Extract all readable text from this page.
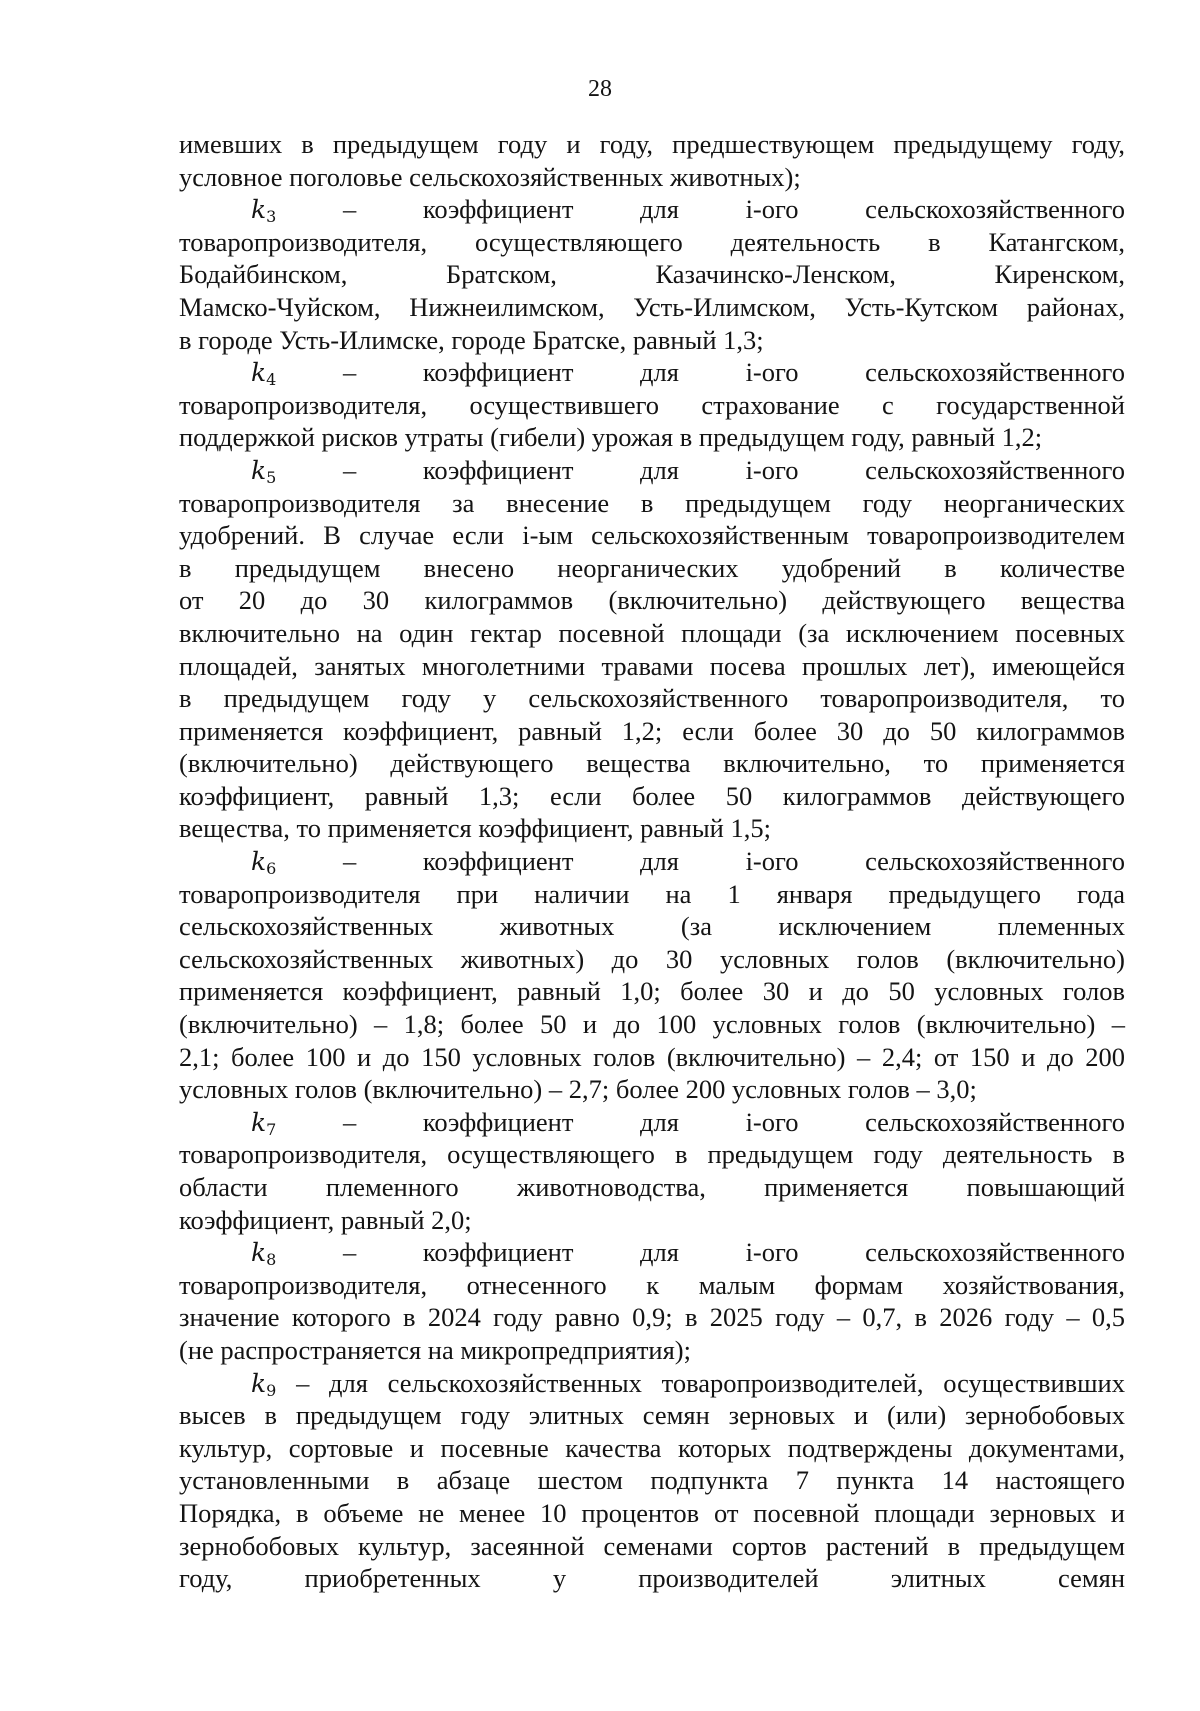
28
имевших в предыдущем году и году, предшествующем предыдущему году,
условное поголовье сельскохозяйственных животных);
$k_3$ – коэффициент для i-ого сельскохозяйственного
товаропроизводителя, осуществляющего деятельность в Катангском,
Бодайбинском, Братском, Казачинско-Ленском, Киренском,
Мамско-Чуйском, Нижнеилимском, Усть-Илимском, Усть-Кутском районах,
в городе Усть-Илимске, городе Братске, равный 1,3;
$k_4$ – коэффициент для i-ого сельскохозяйственного
товаропроизводителя, осуществившего страхование с государственной
поддержкой рисков утраты (гибели) урожая в предыдущем году, равный 1,2;
$k_5$ – коэффициент для i-ого сельскохозяйственного
товаропроизводителя за внесение в предыдущем году неорганических
удобрений. В случае если i-ым сельскохозяйственным товаропроизводителем
в предыдущем внесено неорганических удобрений в количестве
от 20 до 30 килограммов (включительно) действующего вещества
включительно на один гектар посевной площади (за исключением посевных
площадей, занятых многолетними травами посева прошлых лет), имеющейся
в предыдущем году у сельскохозяйственного товаропроизводителя, то
применяется коэффициент, равный 1,2; если более 30 до 50 килограммов
(включительно) действующего вещества включительно, то применяется
коэффициент, равный 1,3; если более 50 килограммов действующего
вещества, то применяется коэффициент, равный 1,5;
$k_6$ – коэффициент для i-ого сельскохозяйственного
товаропроизводителя при наличии на 1 января предыдущего года
сельскохозяйственных животных (за исключением племенных
сельскохозяйственных животных) до 30 условных голов (включительно)
применяется коэффициент, равный 1,0; более 30 и до 50 условных голов
(включительно) – 1,8; более 50 и до 100 условных голов (включительно) –
2,1; более 100 и до 150 условных голов (включительно) – 2,4; от 150 и до 200
условных голов (включительно) – 2,7; более 200 условных голов – 3,0;
$k_7$ – коэффициент для i-ого сельскохозяйственного
товаропроизводителя, осуществляющего в предыдущем году деятельность в
области племенного животноводства, применяется повышающий
коэффициент, равный 2,0;
$k_8$ – коэффициент для i-ого сельскохозяйственного
товаропроизводителя, отнесенного к малым формам хозяйствования,
значение которого в 2024 году равно 0,9; в 2025 году – 0,7, в 2026 году – 0,5
(не распространяется на микропредприятия);
$k_9$ – для сельскохозяйственных товаропроизводителей, осуществивших
высев в предыдущем году элитных семян зерновых и (или) зернобобовых
культур, сортовые и посевные качества которых подтверждены документами,
установленными в абзаце шестом подпункта 7 пункта 14 настоящего
Порядка, в объеме не менее 10 процентов от посевной площади зерновых и
зернобобовых культур, засеянной семенами сортов растений в предыдущем
году, приобретенных у производителей элитных семян
